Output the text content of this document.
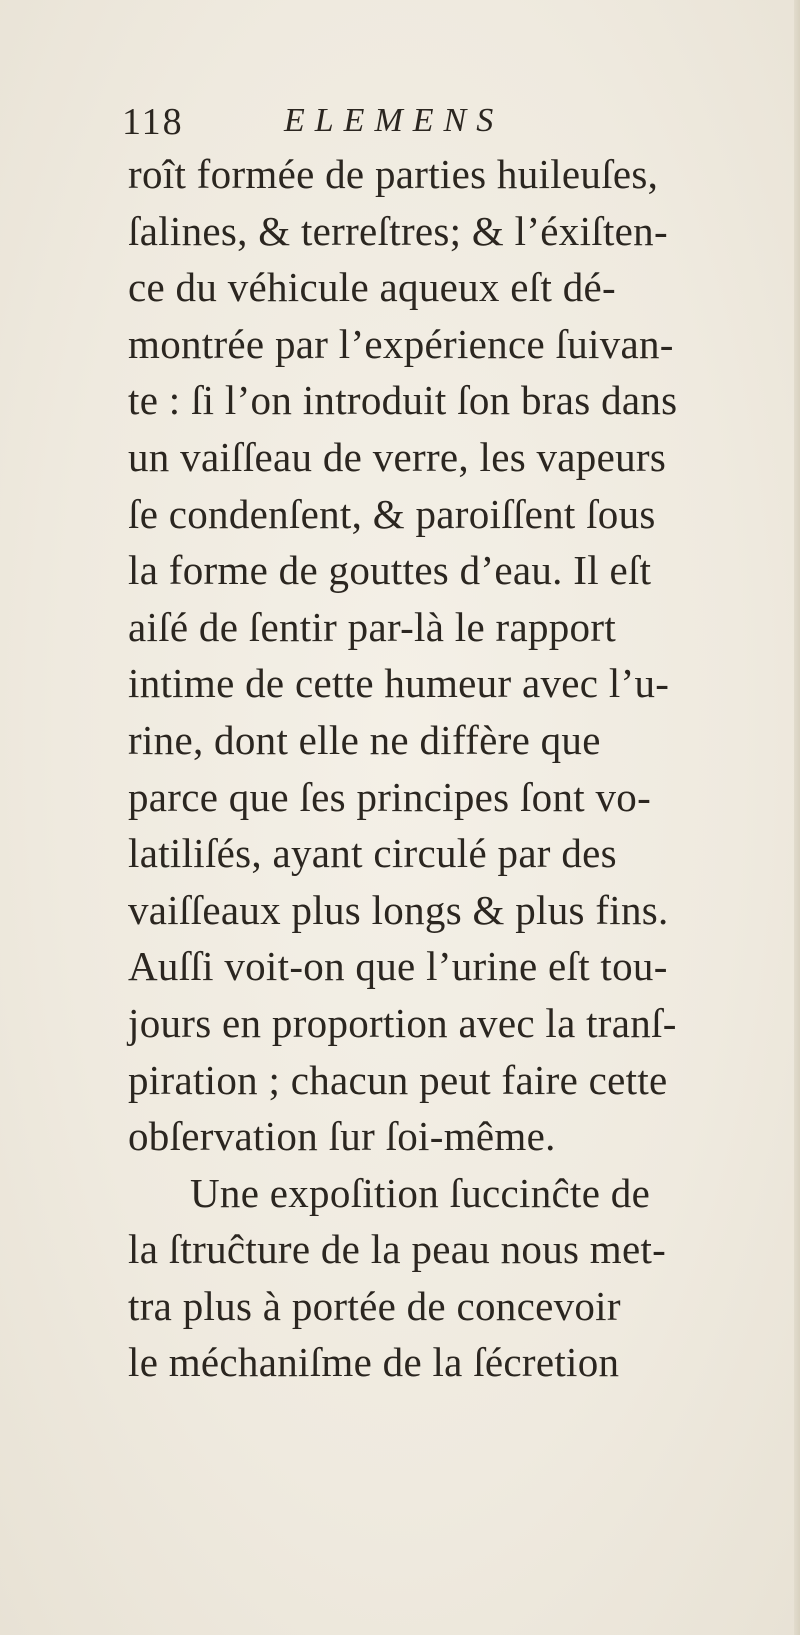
118	ELEMENS
roît formée de parties huileuſes,
ſalines, & terreſtres; & l’éxiſten-
ce du véhicule aqueux eſt dé-
montrée par l’expérience ſuivan-
te : ſi l’on introduit ſon bras dans
un vaiſſeau de verre, les vapeurs
ſe condenſent, & paroiſſent ſous
la forme de gouttes d’eau. Il eſt
aiſé de ſentir par-là le rapport
intime de cette humeur avec l’u-
rine, dont elle ne diffère que
parce que ſes principes ſont vo-
latiliſés, ayant circulé par des
vaiſſeaux plus longs & plus fins.
Auſſi voit-on que l’urine eſt tou-
jours en proportion avec la tranſ-
piration ; chacun peut faire cette
obſervation ſur ſoi-même.
Une expoſition ſuccinĉte de
la ſtruĉture de la peau nous met-
tra plus à portée de concevoir
le méchaniſme de la ſécretion
